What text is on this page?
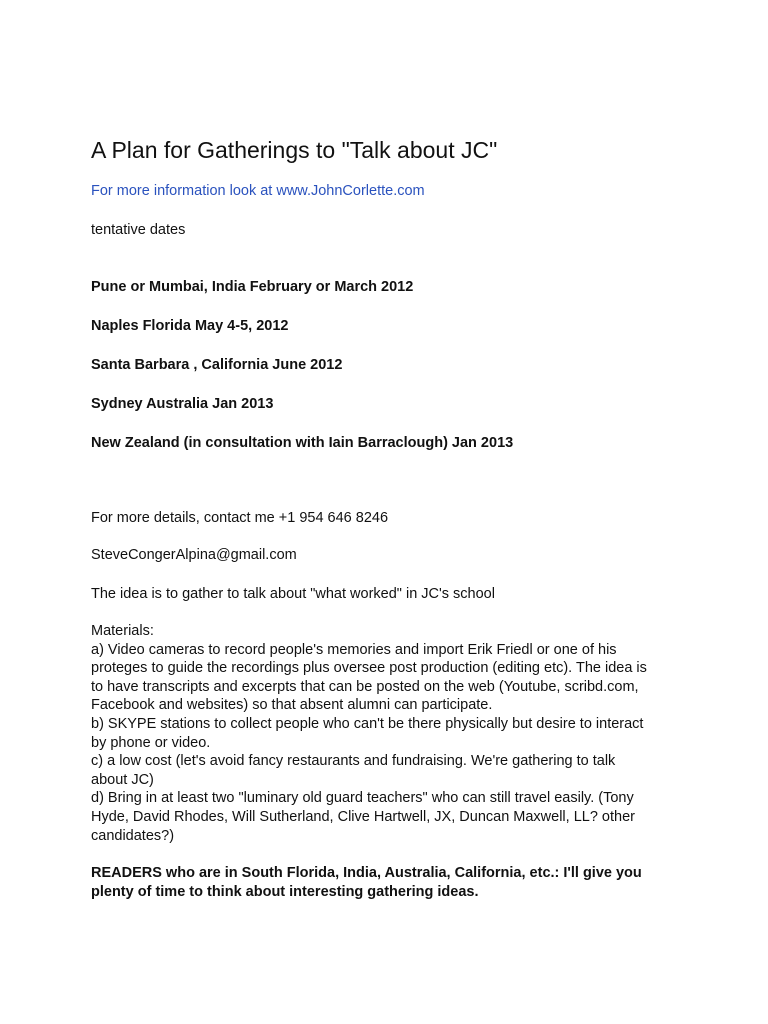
A Plan for Gatherings to "Talk about JC"
For more information look at www.JohnCorlette.com
tentative dates
Pune or Mumbai, India February or March 2012
Naples Florida May 4-5, 2012
Santa Barbara , California June 2012
Sydney Australia Jan 2013
New Zealand (in consultation with Iain Barraclough) Jan 2013
For more details, contact me +1 954 646 8246
SteveCongerAlpina@gmail.com
The idea is to gather to talk about "what worked" in JC's school
Materials:
a) Video cameras to record people's memories and import Erik Friedl or one of his
proteges to guide the recordings plus oversee post production (editing etc). The idea is
to have transcripts and excerpts that can be posted on the web (Youtube, scribd.com,
Facebook and websites) so that absent alumni can participate.
b) SKYPE stations to collect people who can't be there physically but desire to interact
by phone or video.
c) a low cost (let's avoid fancy restaurants and fundraising. We're gathering to talk
about JC)
d) Bring in at least two "luminary old guard teachers" who can still travel easily. (Tony
Hyde, David Rhodes, Will Sutherland, Clive Hartwell, JX, Duncan Maxwell, LL? other
candidates?)
READERS who are in South Florida, India, Australia, California, etc.: I'll give you
plenty of time to think about interesting gathering ideas.
